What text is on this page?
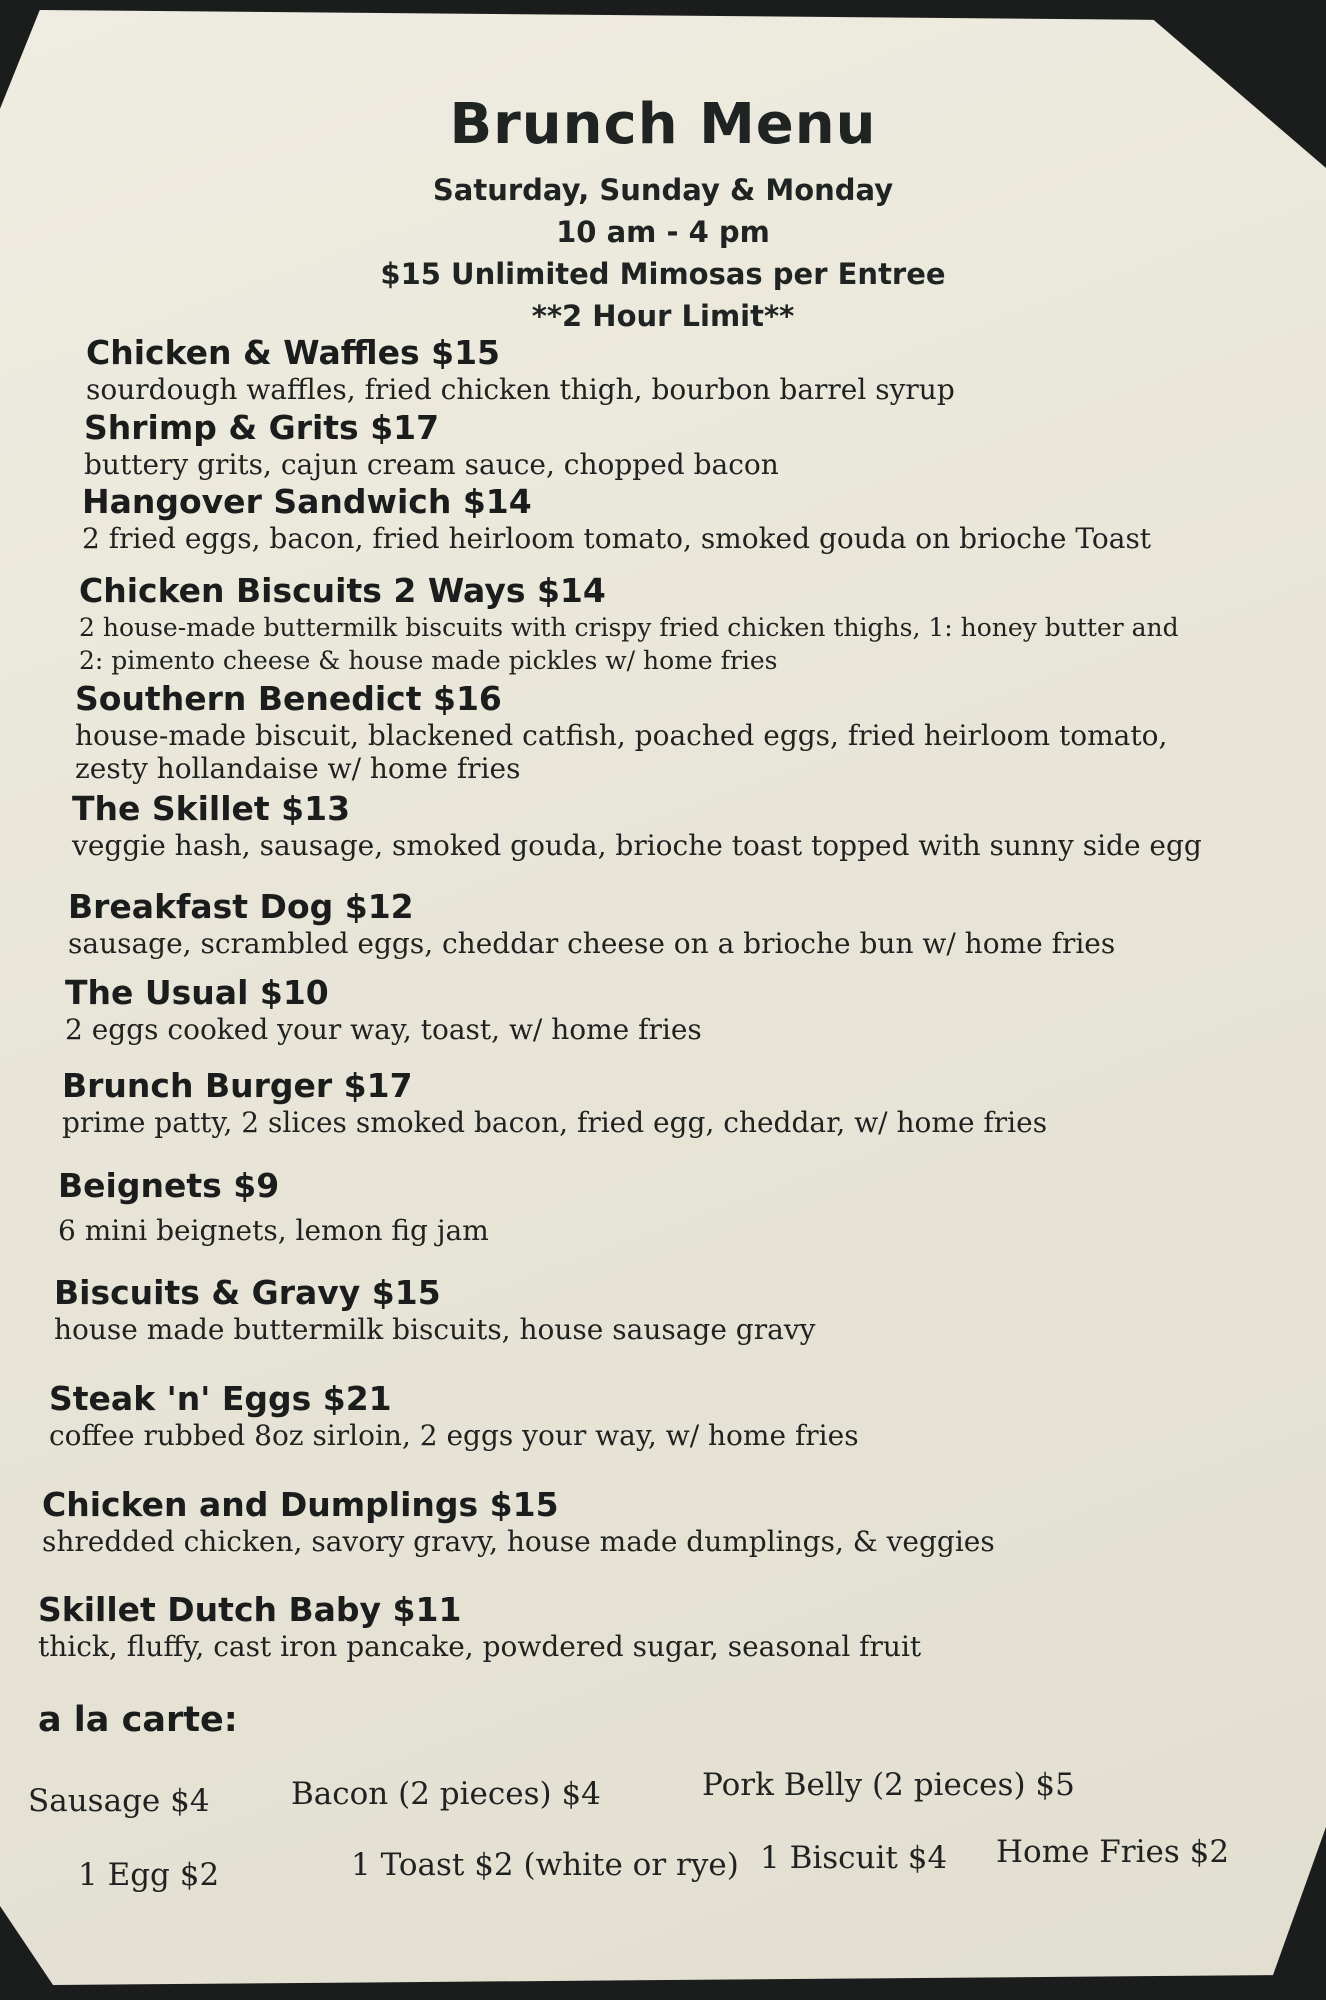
Brunch Menu
Saturday, Sunday & Monday
10 am - 4 pm
$15 Unlimited Mimosas per Entree
**2 Hour Limit**
Chicken & Waffles $15
sourdough waffles, fried chicken thigh, bourbon barrel syrup
Shrimp & Grits $17
buttery grits, cajun cream sauce, chopped bacon
Hangover Sandwich $14
2 fried eggs, bacon, fried heirloom tomato, smoked gouda on brioche Toast
Chicken Biscuits 2 Ways $14
2 house-made buttermilk biscuits with crispy fried chicken thighs, 1: honey butter and 2: pimento cheese & house made pickles w/ home fries
Southern Benedict $16
house-made biscuit, blackened catfish, poached eggs, fried heirloom tomato, zesty hollandaise w/ home fries
The Skillet $13
veggie hash, sausage, smoked gouda, brioche toast topped with sunny side egg
Breakfast Dog $12
sausage, scrambled eggs, cheddar cheese on a brioche bun w/ home fries
The Usual $10
2 eggs cooked your way, toast, w/ home fries
Brunch Burger $17
prime patty, 2 slices smoked bacon, fried egg, cheddar, w/ home fries
Beignets $9
6 mini beignets, lemon fig jam
Biscuits & Gravy $15
house made buttermilk biscuits, house sausage gravy
Steak 'n' Eggs $21
coffee rubbed 8oz sirloin, 2 eggs your way, w/ home fries
Chicken and Dumplings $15
shredded chicken, savory gravy, house made dumplings, & veggies
Skillet Dutch Baby $11
thick, fluffy, cast iron pancake, powdered sugar, seasonal fruit
a la carte:
Sausage $4	Bacon (2 pieces) $4	Pork Belly (2 pieces) $5
1 Egg $2	1 Toast $2 (white or rye) 1 Biscuit $4 Home Fries $2
